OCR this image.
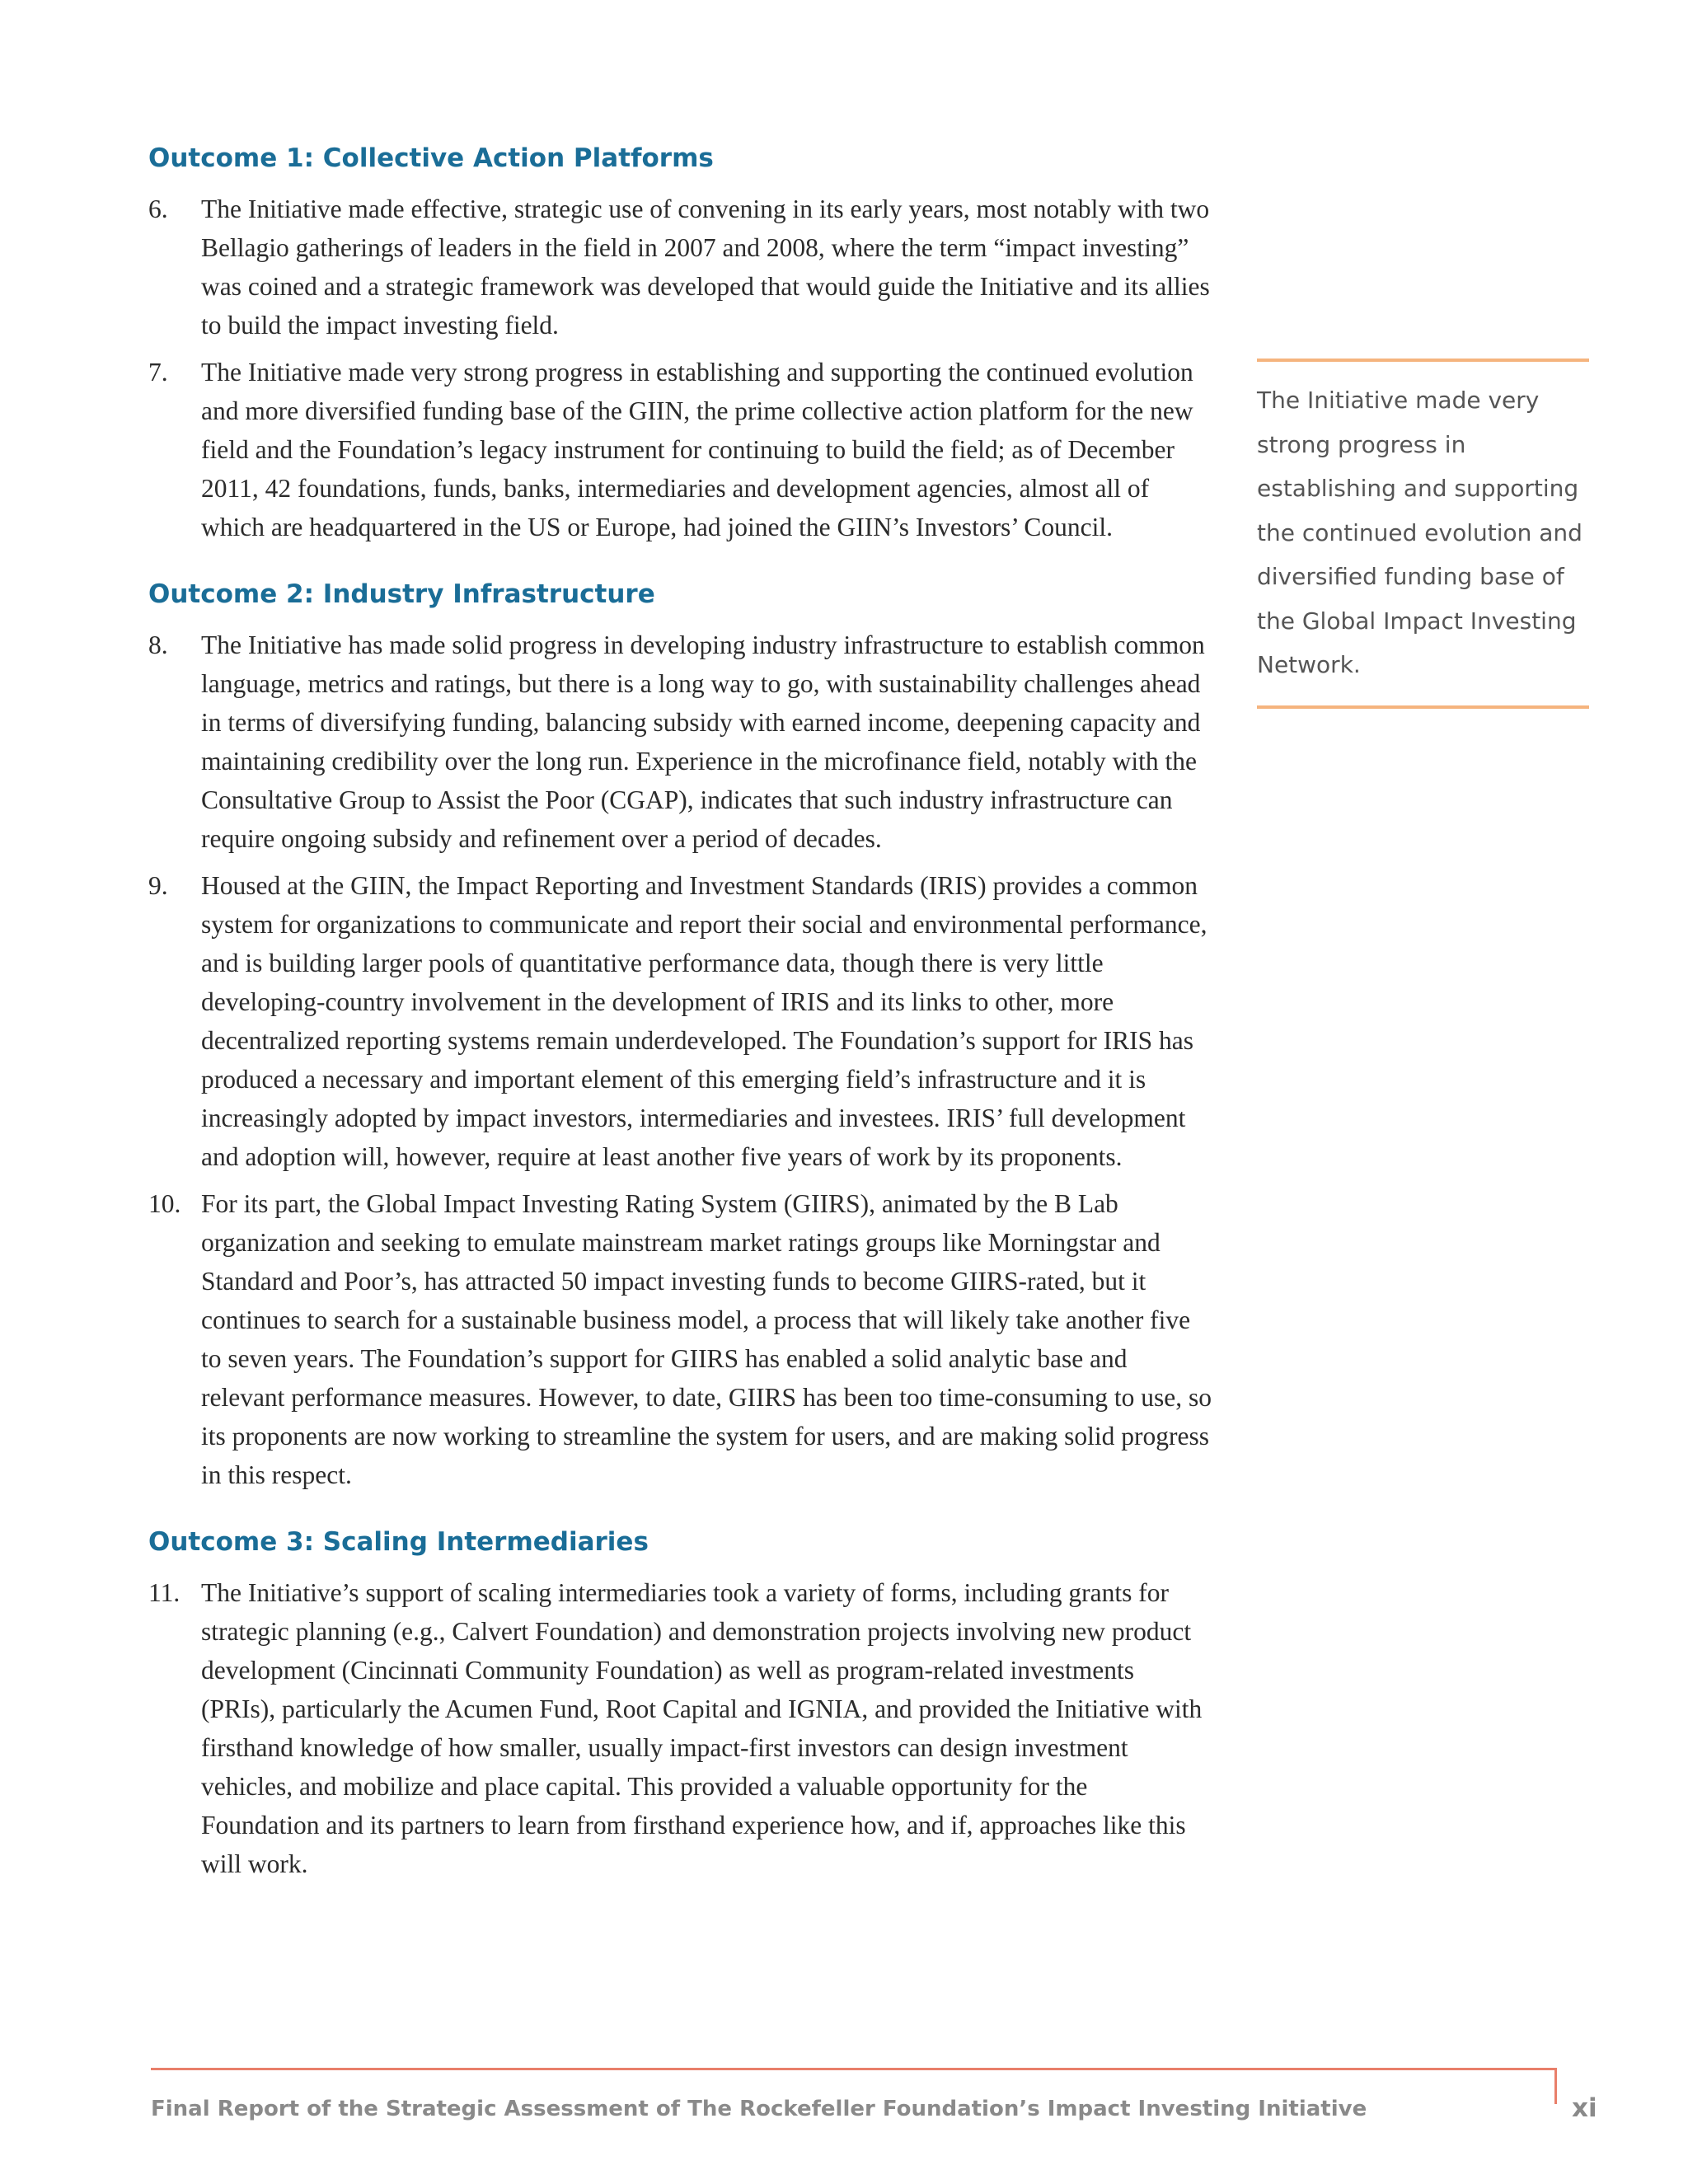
Outcome 1: Collective Action Platforms
6.	The Initiative made effective, strategic use of convening in its early years, most notably with two Bellagio gatherings of leaders in the field in 2007 and 2008, where the term “impact investing” was coined and a strategic framework was developed that would guide the Initiative and its allies to build the impact investing field.
7.	The Initiative made very strong progress in establishing and supporting the continued evolution and more diversified funding base of the GIIN, the prime collective action platform for the new field and the Foundation’s legacy instrument for continuing to build the field; as of December 2011, 42 foundations, funds, banks, intermediaries and development agencies, almost all of which are headquartered in the US or Europe, had joined the GIIN’s Investors’ Council.
Outcome 2: Industry Infrastructure
8.	The Initiative has made solid progress in developing industry infrastructure to establish common language, metrics and ratings, but there is a long way to go, with sustainability challenges ahead in terms of diversifying funding, balancing subsidy with earned income, deepening capacity and maintaining credibility over the long run. Experience in the microfinance field, notably with the Consultative Group to Assist the Poor (CGAP), indicates that such industry infrastructure can require ongoing subsidy and refinement over a period of decades.
9.	Housed at the GIIN, the Impact Reporting and Investment Standards (IRIS) provides a common system for organizations to communicate and report their social and environmental performance, and is building larger pools of quantitative performance data, though there is very little developing-country involvement in the development of IRIS and its links to other, more decentralized reporting systems remain underdeveloped. The Foundation’s support for IRIS has produced a necessary and important element of this emerging field’s infrastructure and it is increasingly adopted by impact investors, intermediaries and investees. IRIS’ full development and adoption will, however, require at least another five years of work by its proponents.
10. For its part, the Global Impact Investing Rating System (GIIRS), animated by the B Lab organization and seeking to emulate mainstream market ratings groups like Morningstar and Standard and Poor’s, has attracted 50 impact investing funds to become GIIRS-rated, but it continues to search for a sustainable business model, a process that will likely take another five to seven years. The Foundation’s support for GIIRS has enabled a solid analytic base and relevant performance measures. However, to date, GIIRS has been too time-consuming to use, so its proponents are now working to streamline the system for users, and are making solid progress in this respect.
Outcome 3: Scaling Intermediaries
11. The Initiative’s support of scaling intermediaries took a variety of forms, including grants for strategic planning (e.g., Calvert Foundation) and demonstration projects involving new product development (Cincinnati Community Foundation) as well as program-related investments (PRIs), particularly the Acumen Fund, Root Capital and IGNIA, and provided the Initiative with firsthand knowledge of how smaller, usually impact-first investors can design investment vehicles, and mobilize and place capital. This provided a valuable opportunity for the Foundation and its partners to learn from firsthand experience how, and if, approaches like this will work.

The Initiative made very strong progress in establishing and supporting the continued evolution and diversified funding base of the Global Impact Investing Network.

Final Report of the Strategic Assessment of The Rockefeller Foundation’s Impact Investing Initiative	xi
